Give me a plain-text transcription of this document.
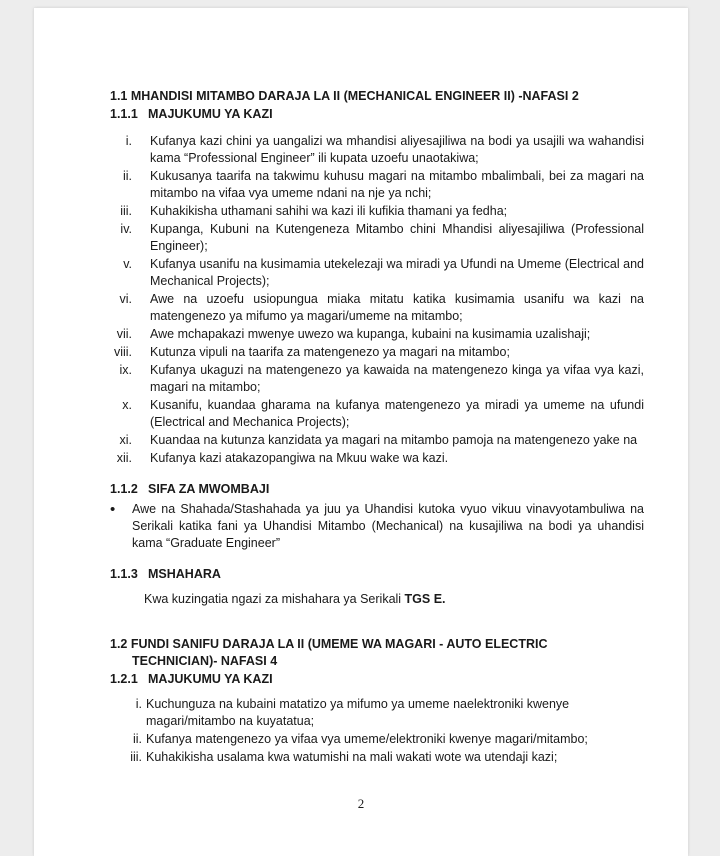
1.1 MHANDISI MITAMBO DARAJA LA II (MECHANICAL ENGINEER II) -NAFASI 2
1.1.1 MAJUKUMU YA KAZI
i. Kufanya kazi chini ya uangalizi wa mhandisi aliyesajiliwa na bodi ya usajili wa wahandisi kama “Professional Engineer” ili kupata uzoefu unaotakiwa;
ii. Kukusanya taarifa na takwimu kuhusu magari na mitambo mbalimbali, bei za magari na mitambo na vifaa vya umeme ndani na nje ya nchi;
iii. Kuhakikisha uthamani sahihi wa kazi ili kufikia thamani ya fedha;
iv. Kupanga, Kubuni na Kutengeneza Mitambo chini Mhandisi aliyesajiliwa (Professional Engineer);
v. Kufanya usanifu na kusimamia utekelezaji wa miradi ya Ufundi na Umeme (Electrical and Mechanical Projects);
vi. Awe na uzoefu usiopungua miaka mitatu katika kusimamia usanifu wa kazi na matengenezo ya mifumo ya magari/umeme na mitambo;
vii. Awe mchapakazi mwenye uwezo wa kupanga, kubaini na kusimamia uzalishaji;
viii. Kutunza vipuli na taarifa za matengenezo ya magari na mitambo;
ix. Kufanya ukaguzi na matengenezo ya kawaida na matengenezo kinga ya vifaa vya kazi, magari na mitambo;
x. Kusanifu, kuandaa gharama na kufanya matengenezo ya miradi ya umeme na ufundi (Electrical and Mechanica Projects);
xi. Kuandaa na kutunza kanzidata ya magari na mitambo pamoja na matengenezo yake na
xii. Kufanya kazi atakazopangiwa na Mkuu wake wa kazi.
1.1.2 SIFA ZA MWOMBAJI
•
Awe na Shahada/Stashahada ya juu ya Uhandisi kutoka vyuo vikuu vinavyotambuliwa na Serikali katika fani ya Uhandisi Mitambo (Mechanical) na kusajiliwa na bodi ya uhandisi kama “Graduate Engineer”
1.1.3 MSHAHARA
Kwa kuzingatia ngazi za mishahara ya Serikali TGS E.
1.2 FUNDI SANIFU DARAJA LA II (UMEME WA MAGARI - AUTO ELECTRIC
TECHNICIAN)- NAFASI 4
1.2.1 MAJUKUMU YA KAZI
i. Kuchunguza na kubaini matatizo ya mifumo ya umeme naelektroniki kwenye magari/mitambo na kuyatatua;
ii. Kufanya matengenezo ya vifaa vya umeme/elektroniki kwenye magari/mitambo;
iii. Kuhakikisha usalama kwa watumishi na mali wakati wote wa utendaji kazi;
2
